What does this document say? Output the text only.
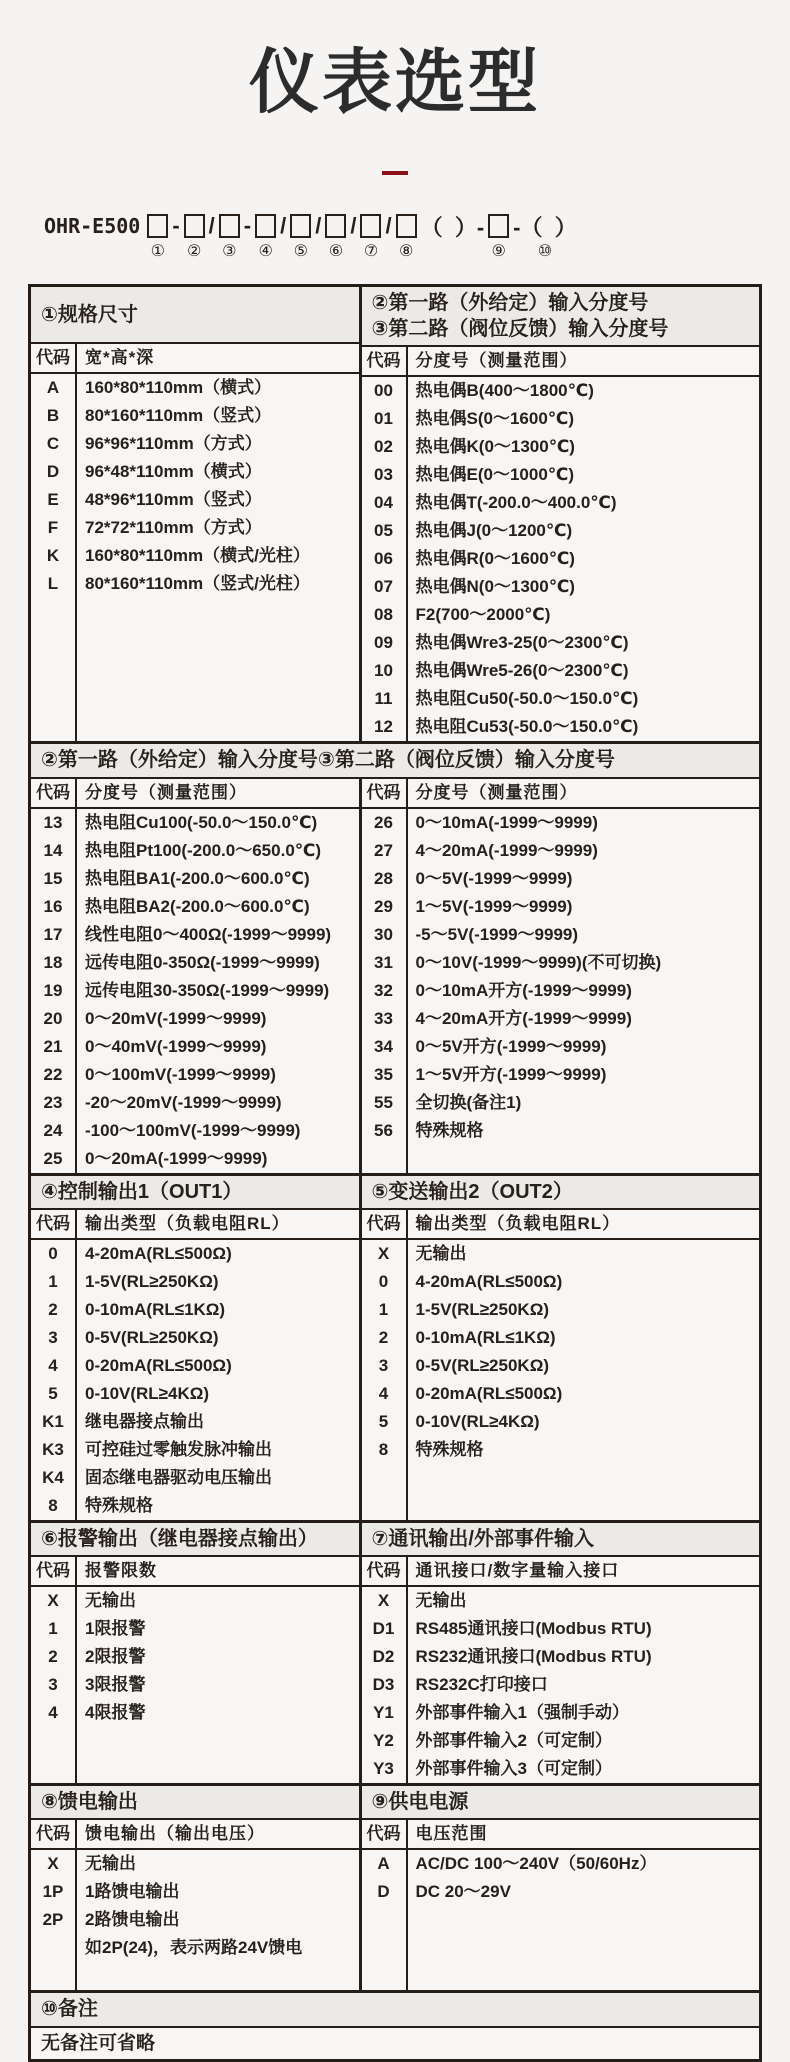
仪表选型
OHR-E500
①
-
②
/
③
-
④
/
⑤
/
⑥
/
⑦
/
⑧
（  ）-
⑨
-（  ）
⑩
①规格尺寸
代码 宽*高*深
A	160*80*110mm（横式）
B	80*160*110mm（竖式）
C	96*96*110mm（方式）
D	96*48*110mm（横式）
E	48*96*110mm（竖式）
F	72*72*110mm（方式）
K	160*80*110mm（横式/光柱）
L	80*160*110mm（竖式/光柱）
②第一路（外给定）输入分度号
③第二路（阀位反馈）输入分度号
代码 分度号（测量范围）
00	热电偶B(400～1800℃)
01	热电偶S(0～1600℃)
02	热电偶K(0～1300℃)
03	热电偶E(0～1000℃)
04	热电偶T(-200.0～400.0℃)
05	热电偶J(0～1200℃)
06	热电偶R(0～1600℃)
07	热电偶N(0～1300℃)
08	F2(700～2000℃)
09	热电偶Wre3-25(0～2300℃)
10	热电偶Wre5-26(0～2300℃)
11	热电阻Cu50(-50.0～150.0℃)
12	热电阻Cu53(-50.0～150.0℃)
②第一路（外给定）输入分度号③第二路（阀位反馈）输入分度号
代码 分度号（测量范围）
13	热电阻Cu100(-50.0～150.0℃)
14	热电阻Pt100(-200.0～650.0℃)
15	热电阻BA1(-200.0～600.0℃)
16	热电阻BA2(-200.0～600.0℃)
17	线性电阻0～400Ω(-1999～9999)
18	远传电阻0-350Ω(-1999～9999)
19	远传电阻30-350Ω(-1999～9999)
20	0～20mV(-1999～9999)
21	0～40mV(-1999～9999)
22	0～100mV(-1999～9999)
23	-20～20mV(-1999～9999)
24	-100～100mV(-1999～9999)
25	0～20mA(-1999～9999)
代码 分度号（测量范围）
26	0～10mA(-1999～9999)
27	4～20mA(-1999～9999)
28	0～5V(-1999～9999)
29	1～5V(-1999～9999)
30	-5～5V(-1999～9999)
31	0～10V(-1999～9999)(不可切换)
32	0～10mA开方(-1999～9999)
33	4～20mA开方(-1999～9999)
34	0～5V开方(-1999～9999)
35	1～5V开方(-1999～9999)
55	全切换(备注1)
56	特殊规格
④控制输出1（OUT1）
代码 输出类型（负载电阻RL）
0	4-20mA(RL≤500Ω)
1	1-5V(RL≥250KΩ)
2	0-10mA(RL≤1KΩ)
3	0-5V(RL≥250KΩ)
4	0-20mA(RL≤500Ω)
5	0-10V(RL≥4KΩ)
K1	继电器接点输出
K3	可控硅过零触发脉冲输出
K4	固态继电器驱动电压输出
8	特殊规格
⑤变送输出2（OUT2）
代码 输出类型（负载电阻RL）
X	无输出
0	4-20mA(RL≤500Ω)
1	1-5V(RL≥250KΩ)
2	0-10mA(RL≤1KΩ)
3	0-5V(RL≥250KΩ)
4	0-20mA(RL≤500Ω)
5	0-10V(RL≥4KΩ)
8	特殊规格
⑥报警输出（继电器接点输出）
代码 报警限数
X	无输出
1	1限报警
2	2限报警
3	3限报警
4	4限报警
⑦通讯输出/外部事件输入
代码 通讯接口/数字量输入接口
X	无输出
D1	RS485通讯接口(Modbus RTU)
D2	RS232通讯接口(Modbus RTU)
D3	RS232C打印接口
Y1	外部事件输入1（强制手动）
Y2	外部事件输入2（可定制）
Y3	外部事件输入3（可定制）
⑧馈电输出
代码 馈电输出（输出电压）
X	无输出
1P	1路馈电输出
2P	2路馈电输出
如2P(24)，表示两路24V馈电
⑨供电电源
代码 电压范围
A	AC/DC 100～240V（50/60Hz）
D	DC 20～29V
⑩备注
无备注可省略
